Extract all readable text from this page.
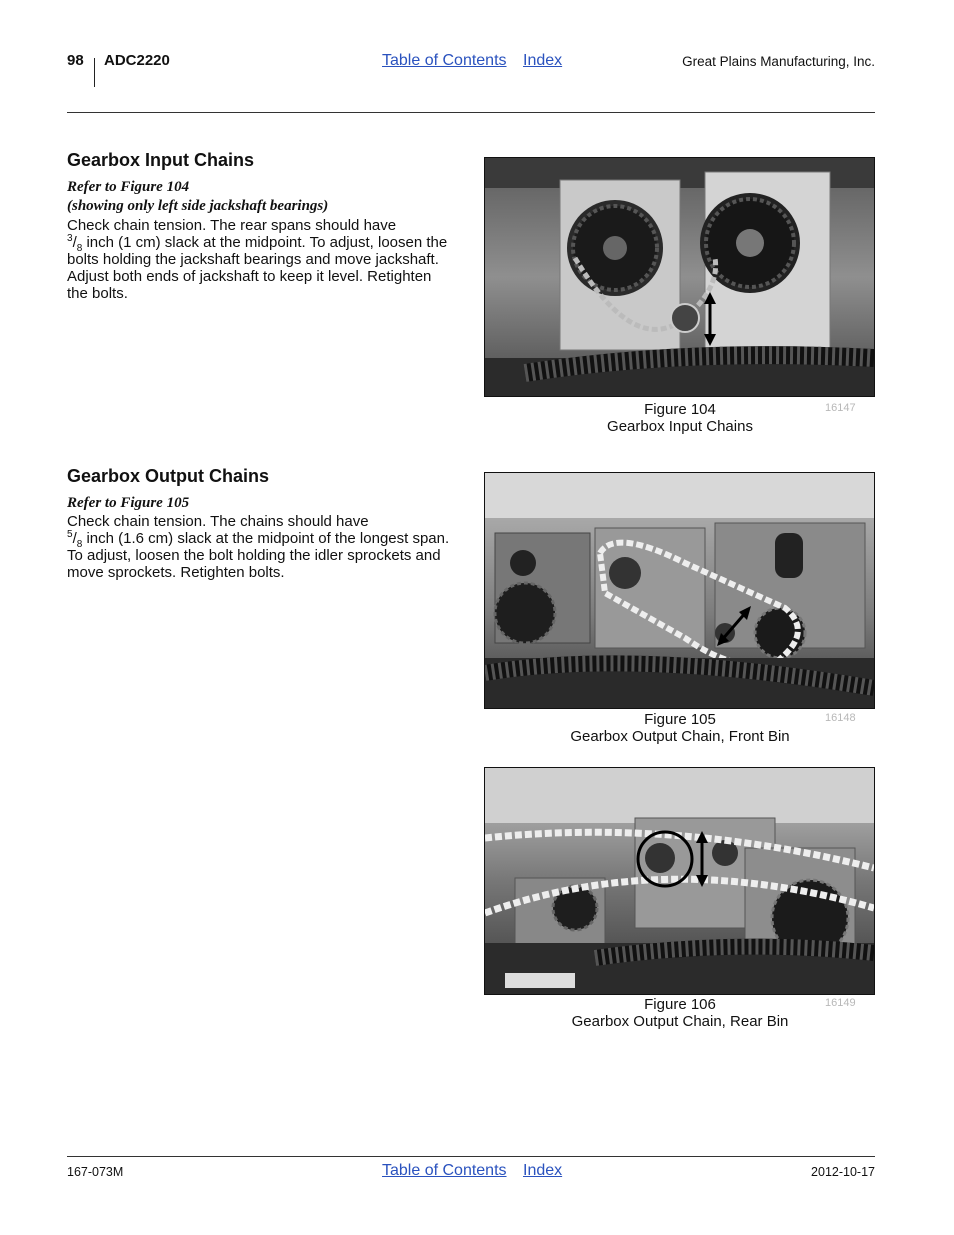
98 ADC2220	Table of Contents Index	Great Plains Manufacturing, Inc.
Gearbox Input Chains
Refer to Figure 104
(showing only left side jackshaft bearings)
Check chain tension. The rear spans should have
$^3/_8$ inch (1 cm) slack at the midpoint. To adjust, loosen the bolts holding the jackshaft bearings and move jackshaft. Adjust both ends of jackshaft to keep it level. Retighten the bolts.
Figure 104
Gearbox Input Chains
16147
Gearbox Output Chains
Refer to Figure 105
Check chain tension. The chains should have
$^5/_8$ inch (1.6 cm) slack at the midpoint of the longest span. To adjust, loosen the bolt holding the idler sprockets and move sprockets. Retighten bolts.
Figure 105
Gearbox Output Chain, Front Bin
16148
Figure 106
Gearbox Output Chain, Rear Bin
16149
167-073M	Table of Contents Index	2012-10-17
